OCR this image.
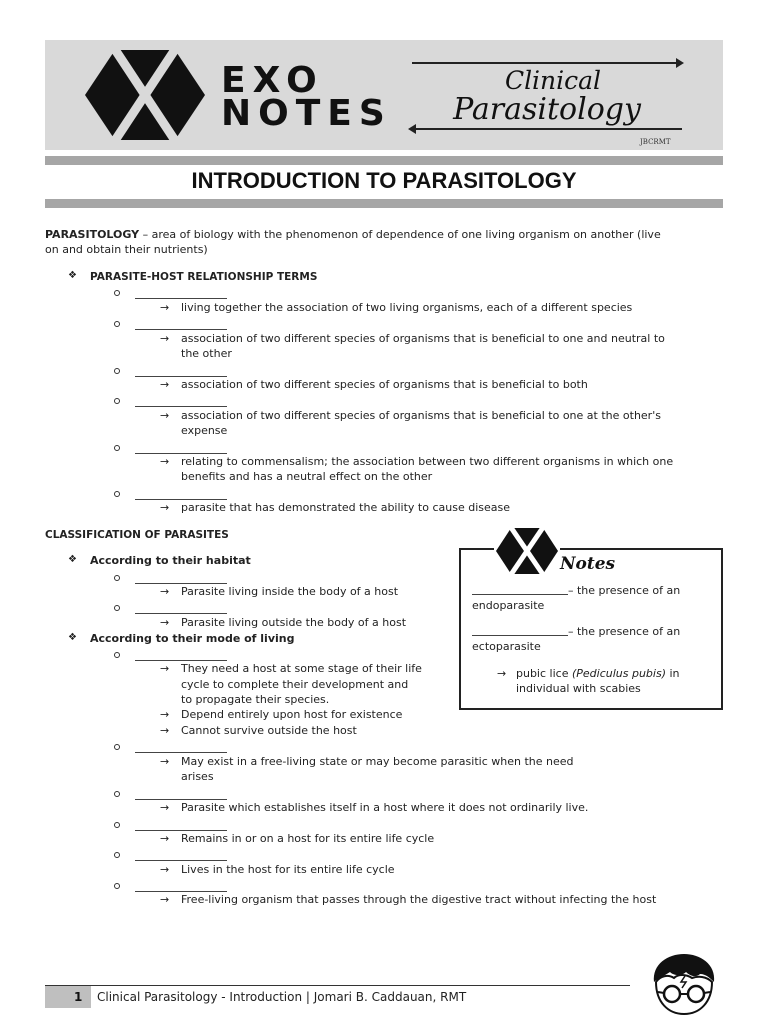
EXO
NOTES
Clinical
Parasitology
JBCRMT
INTRODUCTION TO PARASITOLOGY
PARASITOLOGY – area of biology with the phenomenon of dependence of one living organism on another (live
on and obtain their nutrients)
❖ PARASITE-HOST RELATIONSHIP TERMS
→ living together the association of two living organisms, each of a different species
→ association of two different species of organisms that is beneficial to one and neutral to
the other
→ association of two different species of organisms that is beneficial to both
→ association of two different species of organisms that is beneficial to one at the other's
expense
→ relating to commensalism; the association between two different organisms in which one
benefits and has a neutral effect on the other
→ parasite that has demonstrated the ability to cause disease
CLASSIFICATION OF PARASITES
❖ According to their habitat
→ Parasite living inside the body of a host
→ Parasite living outside the body of a host
❖ According to their mode of living
→ They need a host at some stage of their life
cycle to complete their development and
to propagate their species.
→ Depend entirely upon host for existence
→ Cannot survive outside the host
→ May exist in a free-living state or may become parasitic when the need
arises
→ Parasite which establishes itself in a host where it does not ordinarily live.
→ Remains in or on a host for its entire life cycle
→ Lives in the host for its entire life cycle
→ Free-living organism that passes through the digestive tract without infecting the host
Notes
– the presence of an
endoparasite
– the presence of an
ectoparasite
→ pubic lice (Pediculus pubis) in
individual with scabies
1 Clinical Parasitology - Introduction | Jomari B. Caddauan, RMT
